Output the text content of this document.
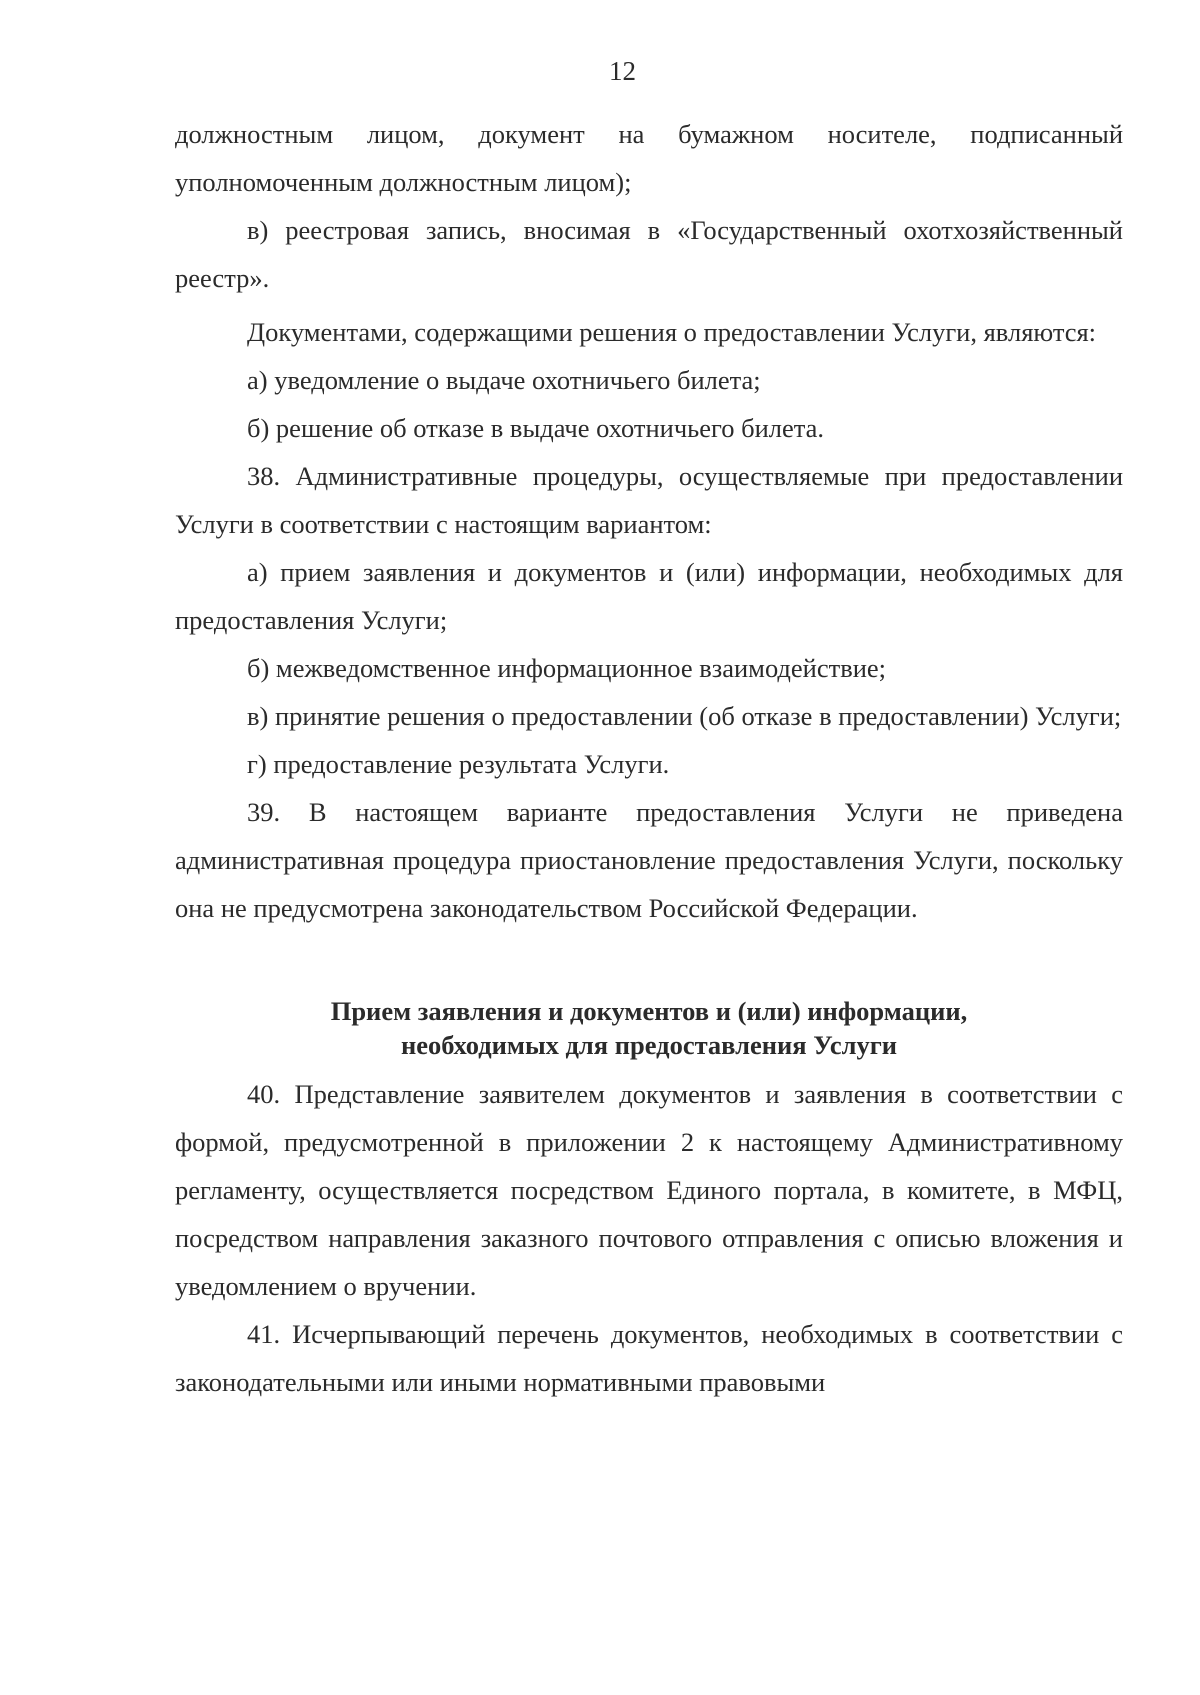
12

должностным лицом, документ на бумажном носителе, подписанный уполномоченным должностным лицом);

в) реестровая запись, вносимая в «Государственный охотхозяйственный реестр».

Документами, содержащими решения о предоставлении Услуги, являются:

а) уведомление о выдаче охотничьего билета;

б) решение об отказе в выдаче охотничьего билета.

38. Административные процедуры, осуществляемые при предоставлении Услуги в соответствии с настоящим вариантом:

а) прием заявления и документов и (или) информации, необходимых для предоставления Услуги;

б) межведомственное информационное взаимодействие;

в) принятие решения о предоставлении (об отказе в предоставлении) Услуги;

г) предоставление результата Услуги.

39. В настоящем варианте предоставления Услуги не приведена административная процедура приостановление предоставления Услуги, поскольку она не предусмотрена законодательством Российской Федерации.

Прием заявления и документов и (или) информации,
необходимых для предоставления Услуги

40. Представление заявителем документов и заявления в соответствии с формой, предусмотренной в приложении 2 к настоящему Административному регламенту, осуществляется посредством Единого портала, в комитете, в МФЦ, посредством направления заказного почтового отправления с описью вложения и уведомлением о вручении.

41. Исчерпывающий перечень документов, необходимых в соответствии с законодательными или иными нормативными правовыми
